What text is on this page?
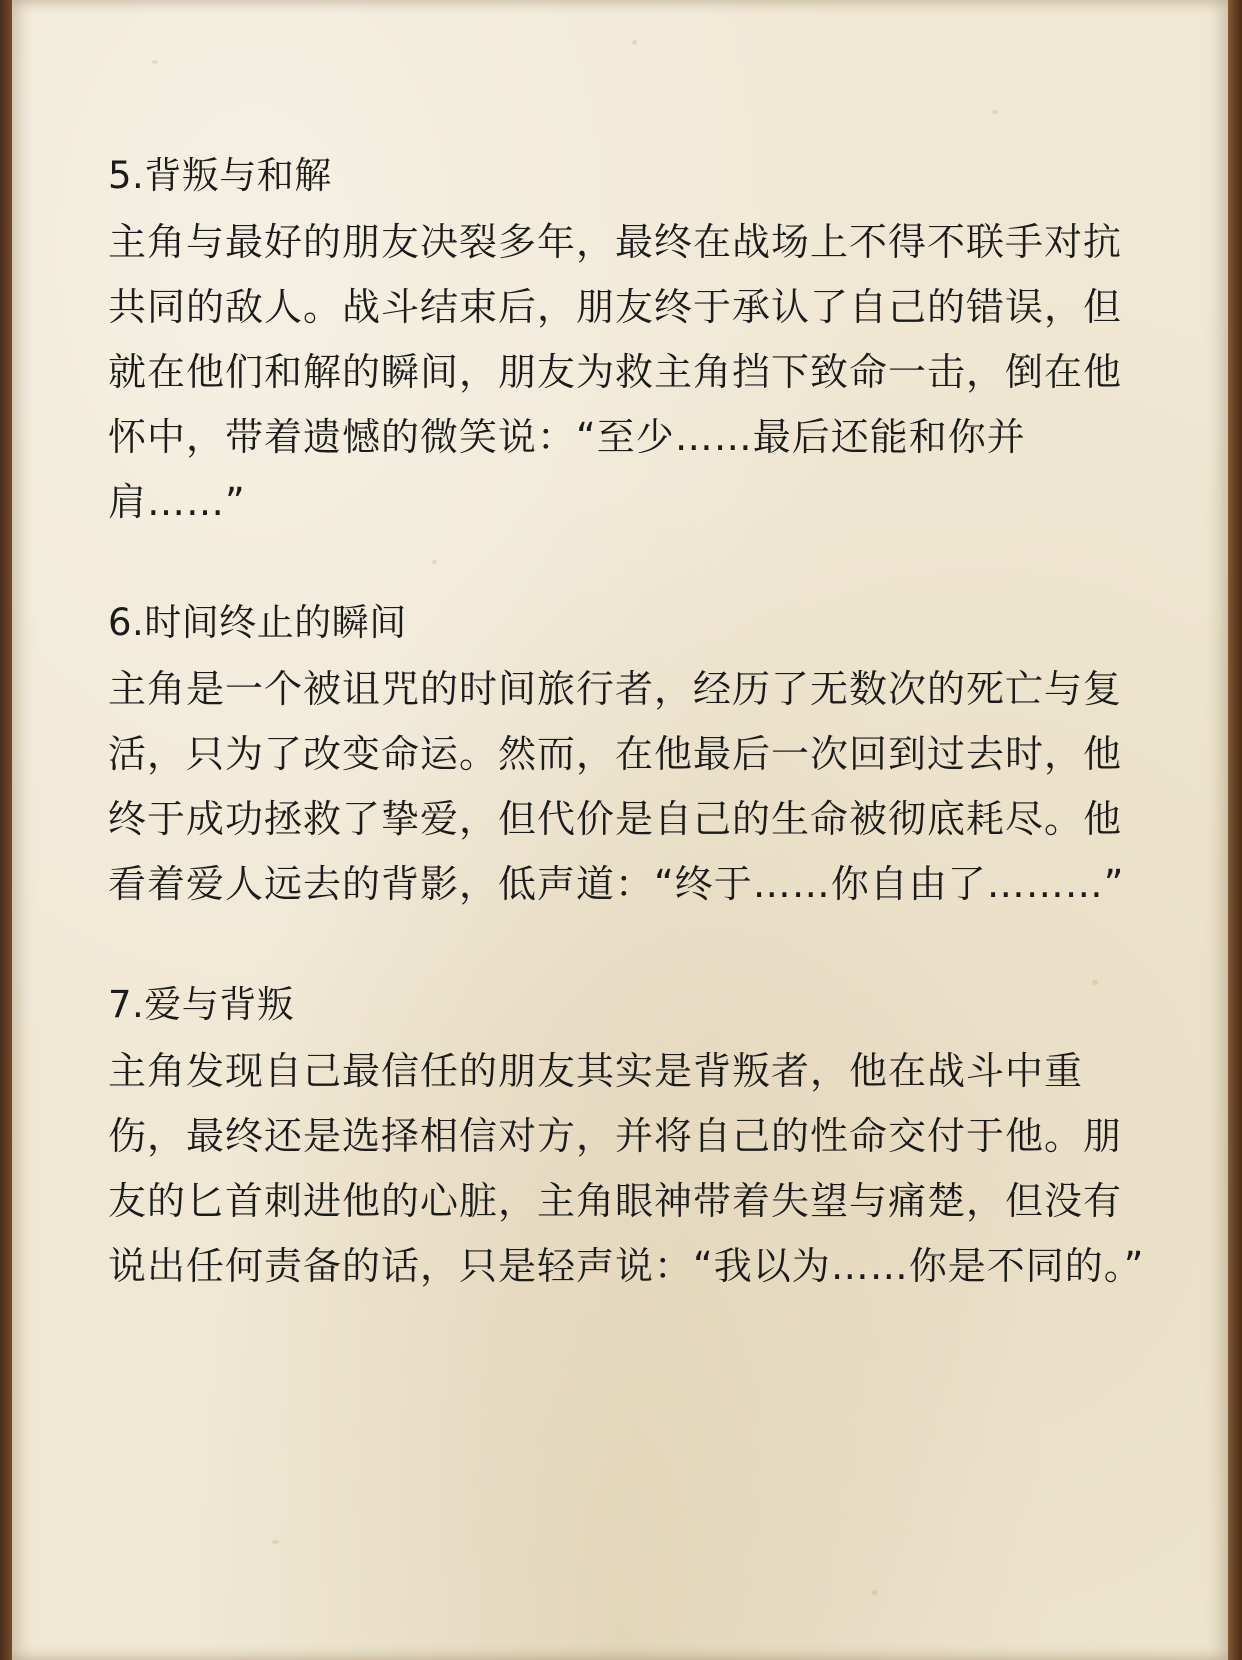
5.背叛与和解

主角与最好的朋友决裂多年，最终在战场上不得不联手对抗共同的敌人。战斗结束后，朋友终于承认了自己的错误，但就在他们和解的瞬间，朋友为救主角挡下致命一击，倒在他怀中，带着遗憾的微笑说：“至少……最后还能和你并肩……”

6.时间终止的瞬间

主角是一个被诅咒的时间旅行者，经历了无数次的死亡与复活，只为了改变命运。然而，在他最后一次回到过去时，他终于成功拯救了挚爱，但代价是自己的生命被彻底耗尽。他看着爱人远去的背影，低声道：“终于……你自由了………”

7.爱与背叛

主角发现自己最信任的朋友其实是背叛者，他在战斗中重伤，最终还是选择相信对方，并将自己的性命交付于他。朋友的匕首刺进他的心脏，主角眼神带着失望与痛楚，但没有说出任何责备的话，只是轻声说：“我以为……你是不同的。”
